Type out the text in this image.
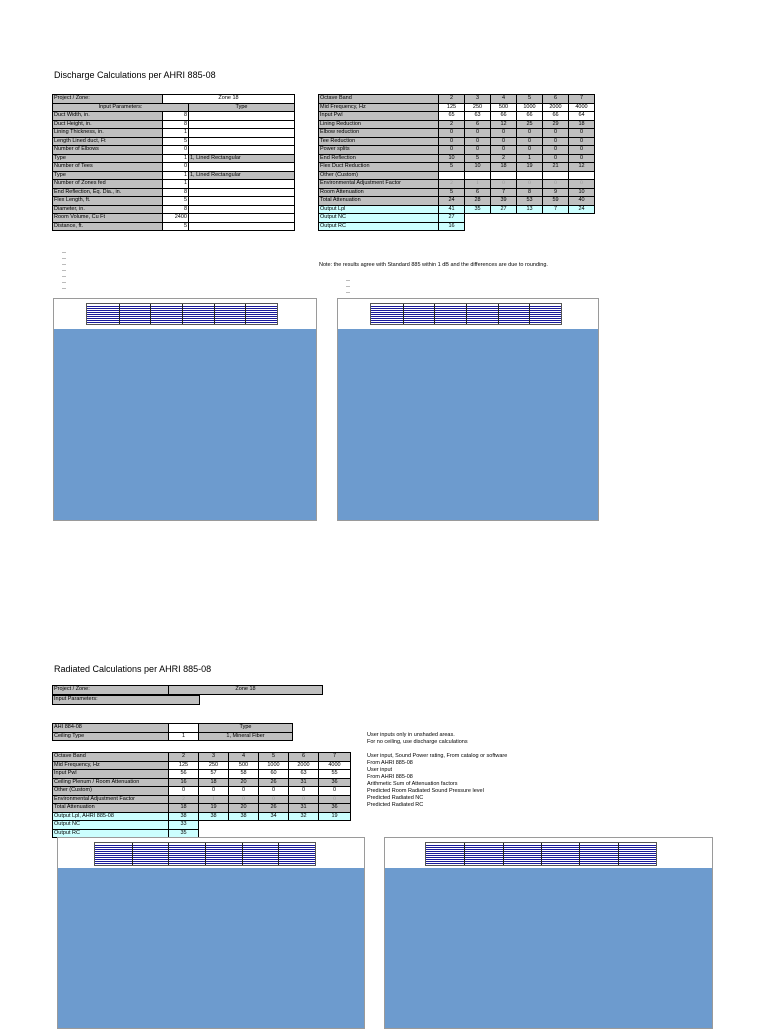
Discharge Calculations per AHRI 885-08
Project / Zone:	Zone 18	
Input Parameters:		Type
Duct Width, in.	8	
Duct Height, in.	8	
Lining Thickness, in.	1	
Length Lined duct, Ft	5	
Number of Elbows	0	
Type	1	1, Lined Rectangular
Number of Tees	0	
Type	1	1, Lined Rectangular
Number of Zones fed	1	
End Reflection, Eq. Dia., in.	8	
Flex Length, ft.	5	
Diameter, in.	8	
Room Volume, Cu Ft	2400	
Distance, ft.	5	
Octave Band	2	3	4	5	6	7
Mid Frequency, Hz	125	250	500	1000	2000	4000
Input Pwl	65	63	66	66	66	64
Lining Reduction	2	6	12	25	29	18
Elbow reduction	0	0	0	0	0	0
Tee Reduction	0	0	0	0	0	0
Power splits	0	0	0	0	0	0
End Reflection	10	5	2	1	0	0
Flex Duct Reduction	5	10	18	19	21	12
Other (Custom)						
Environmental Adjustment Factor	2	1	0	0	0	0
Room Attenuation	5	6	7	8	9	10
Total Attenuation	24	28	39	53	59	40
Output Lpl	41	35	27	13	7	24
Output NC	27					
Output RC	16					
Note: the results agree with Standard 885 within 1 dB and the differences are due to rounding.
Radiated Calculations per AHRI 885-08
Project / Zone:	Zone 18
Input Parameters:
AHI 884-08		Type
Ceiling Type	1	1, Mineral Fiber
Octave Band	2	3	4	5	6	7
Mid Frequency, Hz	125	250	500	1000	2000	4000
Input Pwl	56	57	58	60	63	55
Ceiling Plenum / Room Attenuation	16	18	20	26	31	36
Other (Custom)	0	0	0	0	0	0
Environmental Adjustment Factor	2	1	0	0	0	0
Total Attenuation	18	19	20	26	31	36
Output Lpl, AHRI 885-08	38	38	38	34	32	19
Output NC	33					
Output RC	35					
User inputs only in unshaded areas.
For no ceiling, use discharge calculations

User input, Sound Power rating, From catalog or software
From AHRI 885-08
User input
From AHRI 885-08
Arithmetic Sum of Attenuation factors
Predicted Room Radiated Sound Pressure level
Predicted Radiated NC
Predicted Radiated RC
